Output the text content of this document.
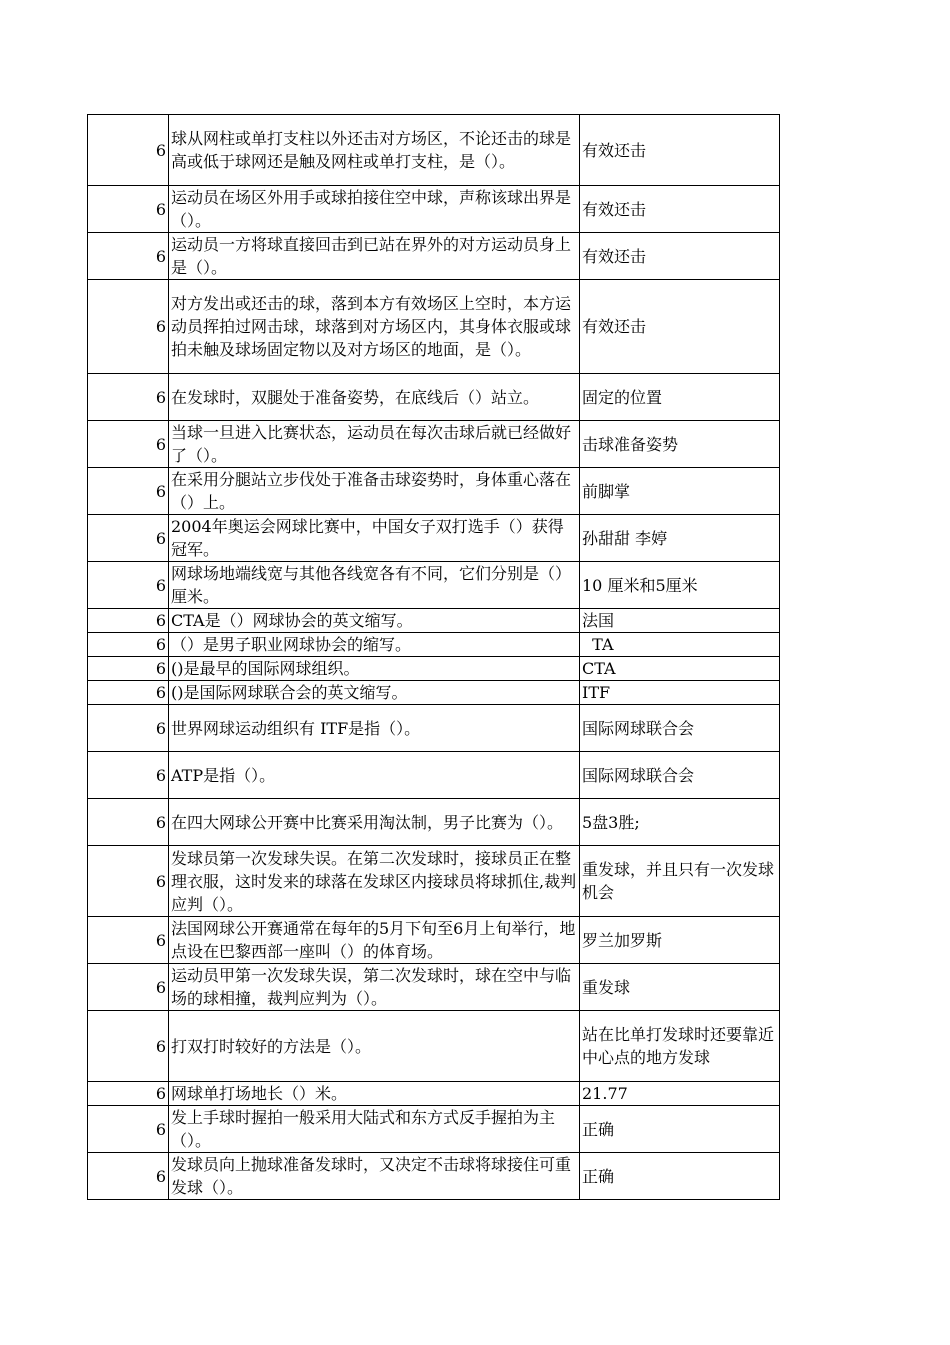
6	球从网柱或单打支柱以外还击对方场区，不论还击的球是高或低于球网还是触及网柱或单打支柱，是（）。	有效还击
6	运动员在场区外用手或球拍接住空中球，声称该球出界是（）。	有效还击
6	运动员一方将球直接回击到已站在界外的对方运动员身上是（）。	有效还击
6	对方发出或还击的球，落到本方有效场区上空时，本方运动员挥拍过网击球，球落到对方场区内，其身体衣服或球拍未触及球场固定物以及对方场区的地面，是（）。	有效还击
6	在发球时，双腿处于准备姿势，在底线后（）站立。	固定的位置
6	当球一旦进入比赛状态，运动员在每次击球后就已经做好了（）。	击球准备姿势
6	在采用分腿站立步伐处于准备击球姿势时，身体重心落在（）上。	前脚掌
6	2004年奥运会网球比赛中，中国女子双打选手（）获得冠军。	孙甜甜 李婷
6	网球场地端线宽与其他各线宽各有不同，它们分别是（）厘米。	10 厘米和5厘米
6	CTA是（）网球协会的英文缩写。	法国
6	（）是男子职业网球协会的缩写。	TA
6	()是最早的国际网球组织。	CTA
6	()是国际网球联合会的英文缩写。	ITF
6	世界网球运动组织有 ITF是指（）。	国际网球联合会
6	ATP是指（）。	国际网球联合会
6	在四大网球公开赛中比赛采用淘汰制，男子比赛为（）。	5盘3胜;
6	发球员第一次发球失误。在第二次发球时，接球员正在整理衣服，这时发来的球落在发球区内接球员将球抓住,裁判应判（）。	重发球，并且只有一次发球机会
6	法国网球公开赛通常在每年的5月下旬至6月上旬举行，地点设在巴黎西部一座叫（）的体育场。	罗兰加罗斯
6	运动员甲第一次发球失误，第二次发球时，球在空中与临场的球相撞，裁判应判为（）。	重发球
6	打双打时较好的方法是（）。	站在比单打发球时还要靠近中心点的地方发球
6	网球单打场地长（）米。	21.77
6	发上手球时握拍一般采用大陆式和东方式反手握拍为主（）。	正确
6	发球员向上抛球准备发球时，又决定不击球将球接住可重发球（）。	正确
